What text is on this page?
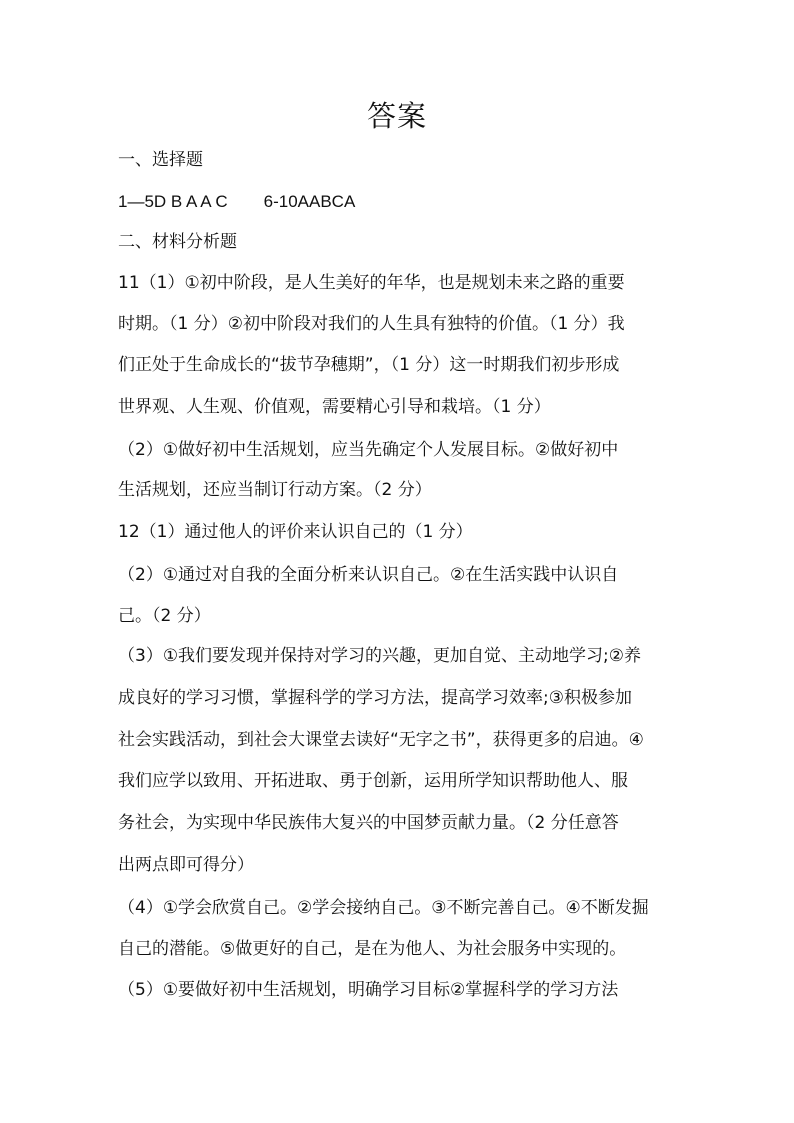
答案
一、选择题
1—5D B A A C 6-10AABCA
二、材料分析题
11（1）①初中阶段，是人生美好的年华，也是规划未来之路的重要
时期。（1 分）②初中阶段对我们的人生具有独特的价值。（1 分）我
们正处于生命成长的“拔节孕穗期”，（1 分）这一时期我们初步形成
世界观、人生观、价值观，需要精心引导和栽培。（1 分）
（2）①做好初中生活规划，应当先确定个人发展目标。②做好初中
生活规划，还应当制订行动方案。（2 分）
12（1）通过他人的评价来认识自己的（1 分）
（2）①通过对自我的全面分析来认识自己。②在生活实践中认识自
己。（2 分）
（3）①我们要发现并保持对学习的兴趣，更加自觉、主动地学习;②养
成良好的学习习惯，掌握科学的学习方法，提高学习效率;③积极参加
社会实践活动，到社会大课堂去读好“无字之书”，获得更多的启迪。④
我们应学以致用、开拓进取、勇于创新，运用所学知识帮助他人、服
务社会，为实现中华民族伟大复兴的中国梦贡献力量。（2 分任意答
出两点即可得分）
（4）①学会欣赏自己。②学会接纳自己。③不断完善自己。④不断发掘
自己的潜能。⑤做更好的自己，是在为他人、为社会服务中实现的。
（5）①要做好初中生活规划，明确学习目标②掌握科学的学习方法
